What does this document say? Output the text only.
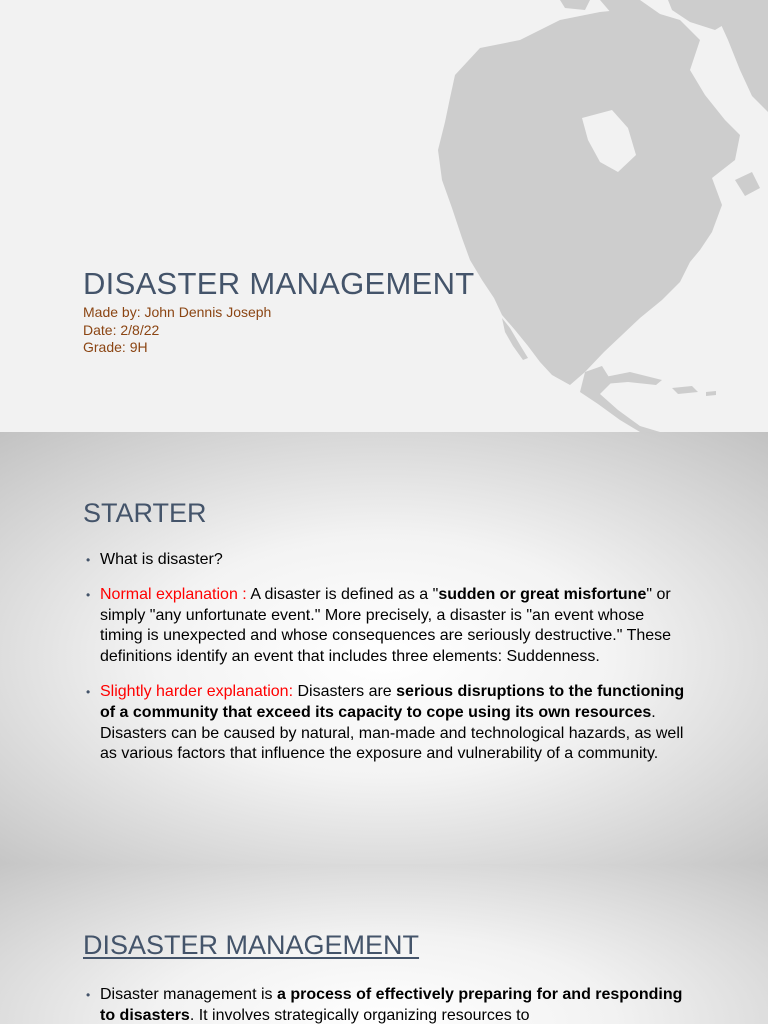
DISASTER MANAGEMENT
Made by: John Dennis Joseph
Date: 2/8/22
Grade: 9H
STARTER
• What is disaster?
• Normal explanation : A disaster is defined as a "sudden or great misfortune" or simply "any unfortunate event." More precisely, a disaster is "an event whose timing is unexpected and whose consequences are seriously destructive." These definitions identify an event that includes three elements: Suddenness.
• Slightly harder explanation: Disasters are serious disruptions to the functioning of a community that exceed its capacity to cope using its own resources. Disasters can be caused by natural, man-made and technological hazards, as well as various factors that influence the exposure and vulnerability of a community.
DISASTER MANAGEMENT
• Disaster management is a process of effectively preparing for and responding to disasters. It involves strategically organizing resources to
